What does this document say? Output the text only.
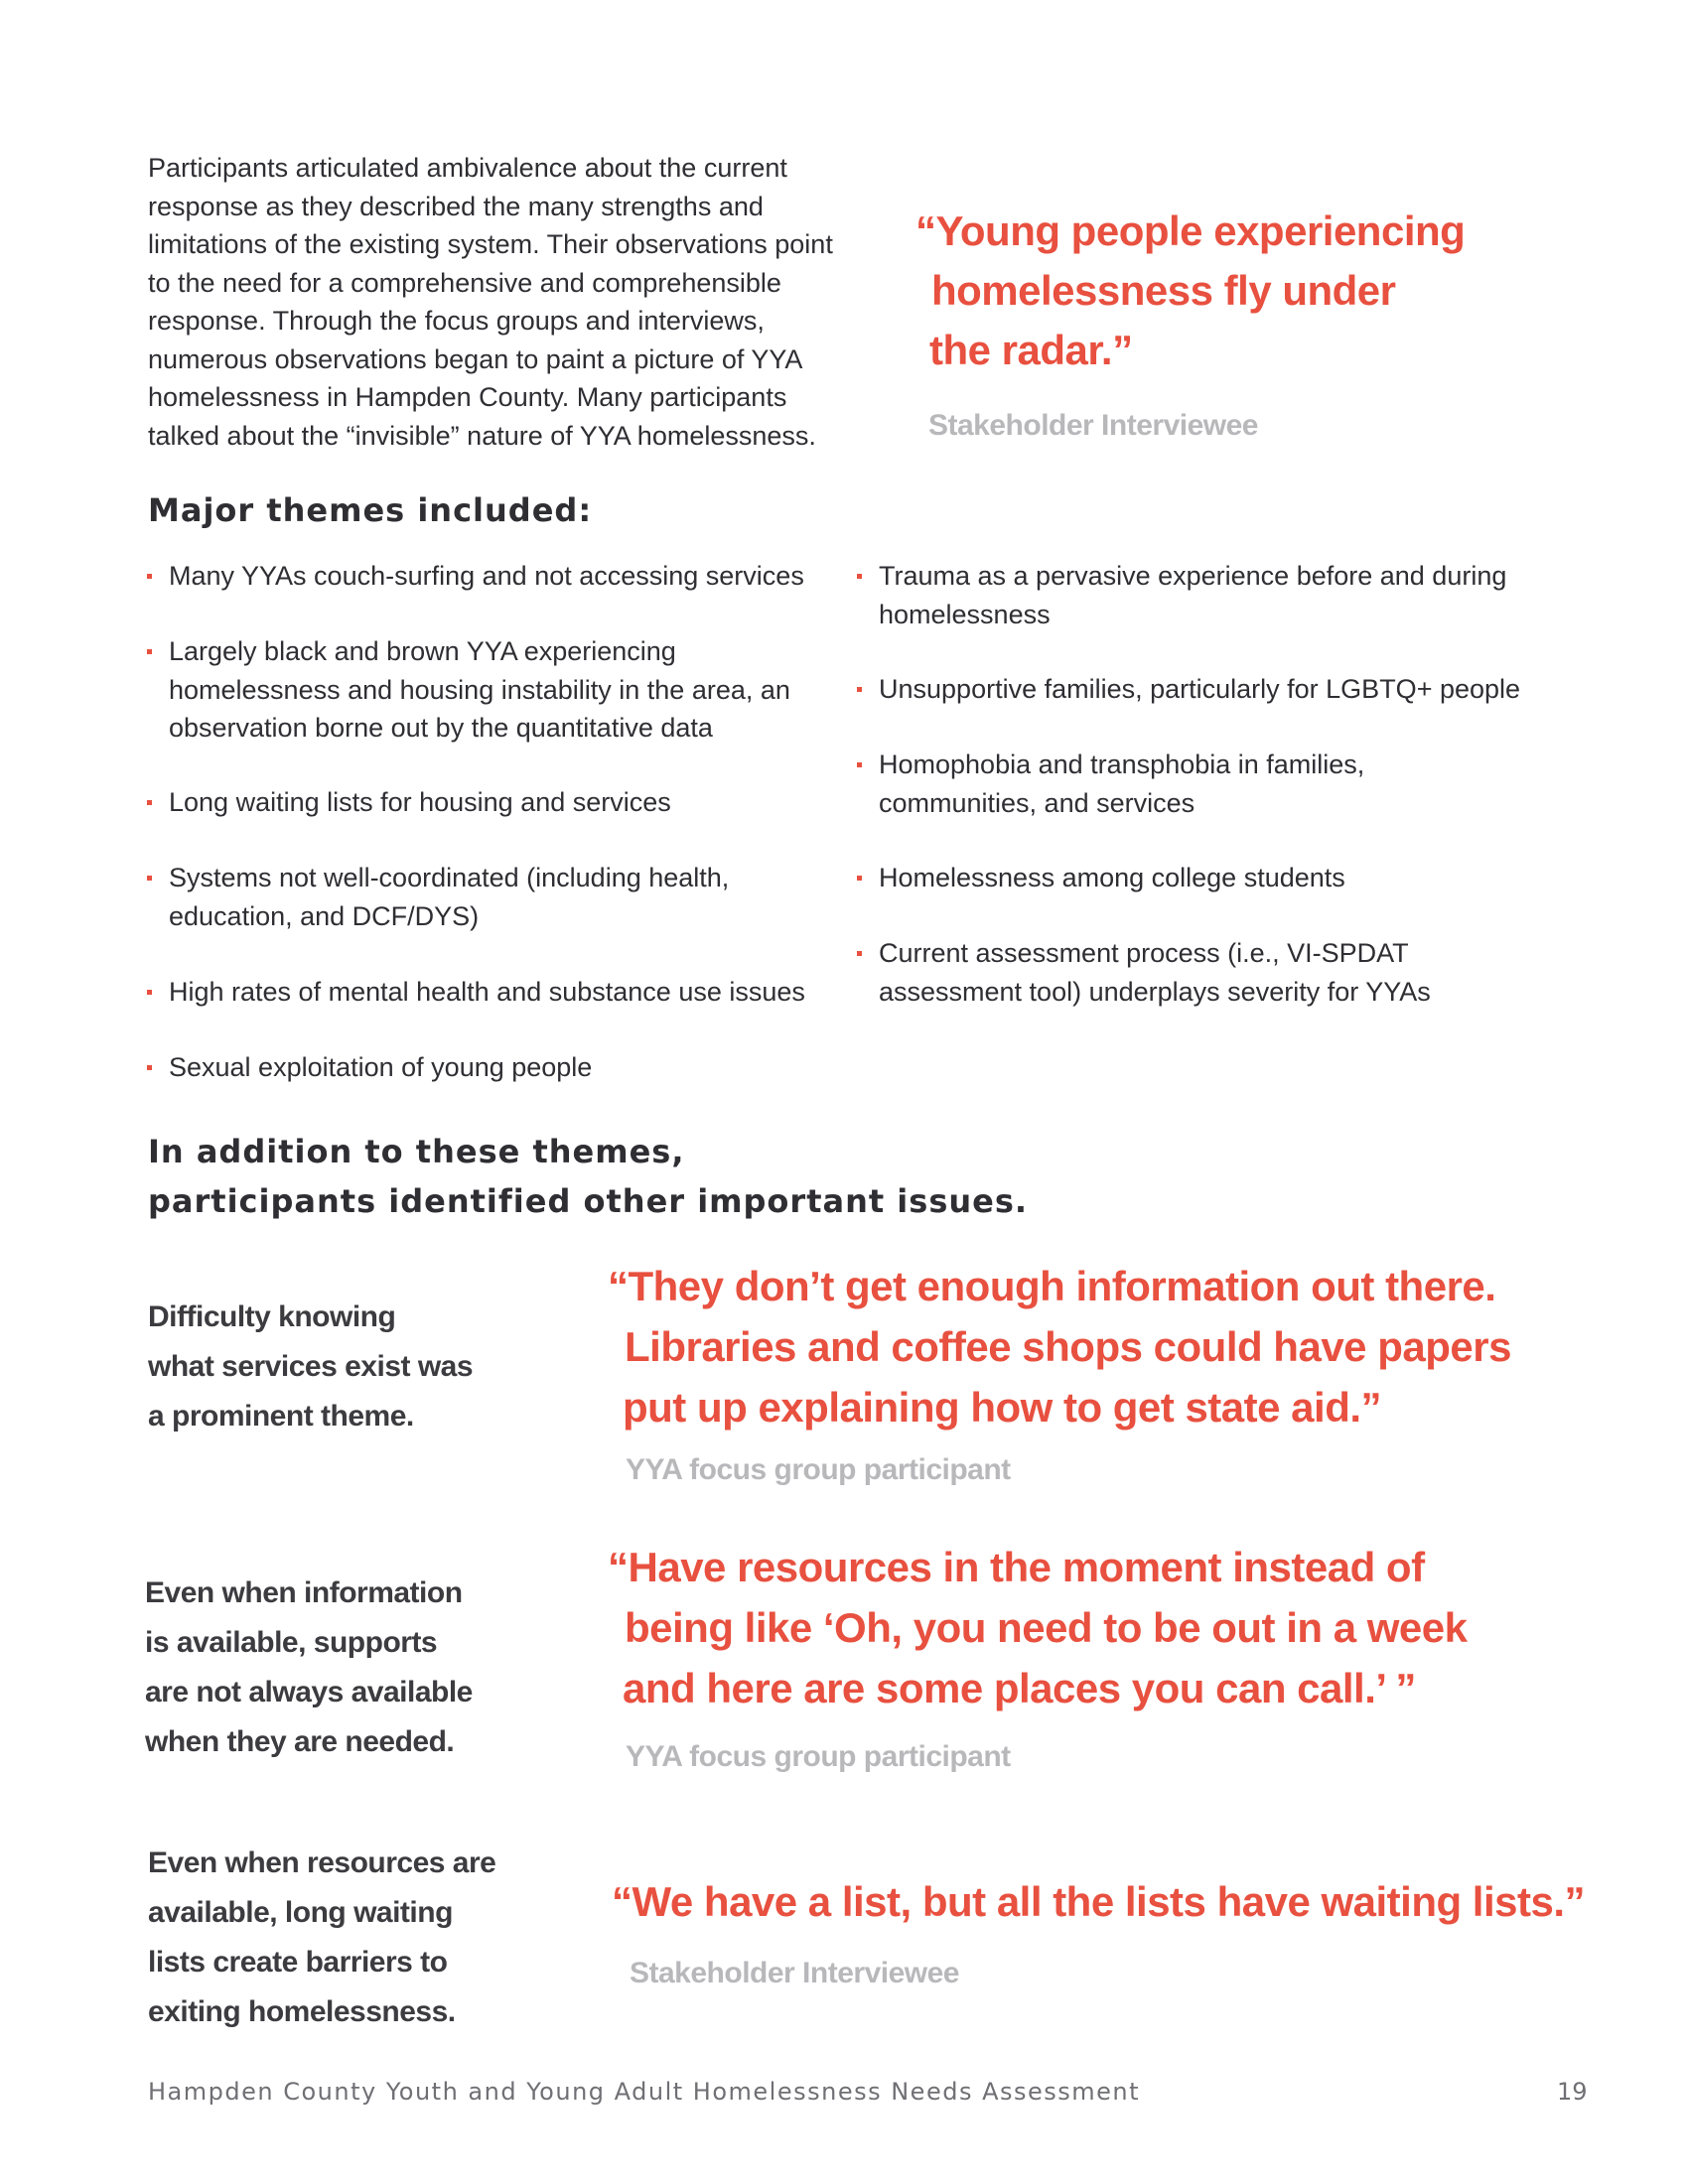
Participants articulated ambivalence about the current
response as they described the many strengths and
limitations of the existing system. Their observations point
to the need for a comprehensive and comprehensible
response. Through the focus groups and interviews,
numerous observations began to paint a picture of YYA
homelessness in Hampden County. Many participants
talked about the “invisible” nature of YYA homelessness.
“Young people experiencing
homelessness fly under
the radar.”
Stakeholder Interviewee
Major themes included:
Many YYAs couch-surfing and not accessing services
Largely black and brown YYA experiencing
homelessness and housing instability in the area, an
observation borne out by the quantitative data
Long waiting lists for housing and services
Systems not well-coordinated (including health,
education, and DCF/DYS)
High rates of mental health and substance use issues
Sexual exploitation of young people
Trauma as a pervasive experience before and during
homelessness
Unsupportive families, particularly for LGBTQ+ people
Homophobia and transphobia in families,
communities, and services
Homelessness among college students
Current assessment process (i.e., VI-SPDAT
assessment tool) underplays severity for YYAs
In addition to these themes,
participants identified other important issues.
Difficulty knowing
what services exist was
a prominent theme.
“They don’t get enough information out there.
Libraries and coffee shops could have papers
put up explaining how to get state aid.”
YYA focus group participant
Even when information
is available, supports
are not always available
when they are needed.
“Have resources in the moment instead of
being like ‘Oh, you need to be out in a week
and here are some places you can call.’ ”
YYA focus group participant
Even when resources are
available, long waiting
lists create barriers to
exiting homelessness.
“We have a list, but all the lists have waiting lists.”
Stakeholder Interviewee
Hampden County Youth and Young Adult Homelessness Needs Assessment	19
